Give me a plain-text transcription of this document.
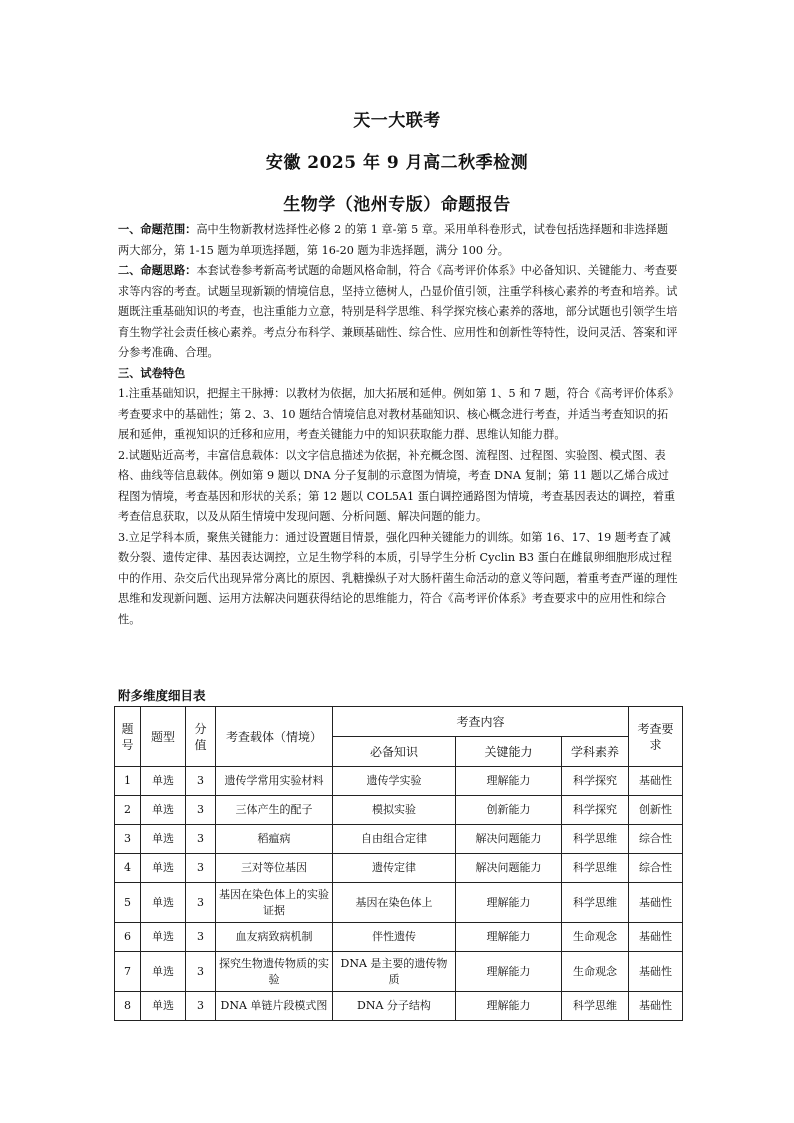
天一大联考
安徽 2025 年 9 月高二秋季检测
生物学（池州专版）命题报告

一、命题范围：高中生物新教材选择性必修 2 的第 1 章-第 5 章。采用单科卷形式，试卷包括选择题和非选择题两大部分，第 1-15 题为单项选择题，第 16-20 题为非选择题，满分 100 分。

二、命题思路：本套试卷参考新高考试题的命题风格命制，符合《高考评价体系》中必备知识、关键能力、考查要求等内容的考查。试题呈现新颖的情境信息，坚持立德树人，凸显价值引领，注重学科核心素养的考查和培养。试题既注重基础知识的考查，也注重能力立意，特别是科学思维、科学探究核心素养的落地，部分试题也引领学生培育生物学社会责任核心素养。考点分布科学、兼顾基础性、综合性、应用性和创新性等特性，设问灵活、答案和评分参考准确、合理。

三、试卷特色

1.注重基础知识，把握主干脉搏：以教材为依据，加大拓展和延伸。例如第 1、5 和 7 题，符合《高考评价体系》考查要求中的基础性；第 2、3、10 题结合情境信息对教材基础知识、核心概念进行考查，并适当考查知识的拓展和延伸，重视知识的迁移和应用，考查关键能力中的知识获取能力群、思维认知能力群。

2.试题贴近高考，丰富信息载体：以文字信息描述为依据，补充概念图、流程图、过程图、实验图、模式图、表格、曲线等信息载体。例如第 9 题以 DNA 分子复制的示意图为情境，考查 DNA 复制；第 11 题以乙烯合成过程图为情境，考查基因和形状的关系；第 12 题以 COL5A1 蛋白调控通路图为情境，考查基因表达的调控，着重考查信息获取，以及从陌生情境中发现问题、分析问题、解决问题的能力。

3.立足学科本质，聚焦关键能力：通过设置题目情景，强化四种关键能力的训练。如第 16、17、19 题考查了减数分裂、遗传定律、基因表达调控，立足生物学科的本质，引导学生分析 Cyclin B3 蛋白在雌鼠卵细胞形成过程中的作用、杂交后代出现异常分离比的原因、乳糖操纵子对大肠杆菌生命活动的意义等问题，着重考查严谨的理性思维和发现新问题、运用方法解决问题获得结论的思维能力，符合《高考评价体系》考查要求中的应用性和综合性。

附多维度细目表
题号	题型	分值	考查载体（情境）	考查内容			考查要求
				必备知识	关键能力	学科素养	
1	单选	3	遗传学常用实验材料	遗传学实验	理解能力	科学探究	基础性
2	单选	3	三体产生的配子	模拟实验	创新能力	科学探究	创新性
3	单选	3	稻瘟病	自由组合定律	解决问题能力	科学思维	综合性
4	单选	3	三对等位基因	遗传定律	解决问题能力	科学思维	综合性
5	单选	3	基因在染色体上的实验证据	基因在染色体上	理解能力	科学思维	基础性
6	单选	3	血友病致病机制	伴性遗传	理解能力	生命观念	基础性
7	单选	3	探究生物遗传物质的实验	DNA 是主要的遗传物质	理解能力	生命观念	基础性
8	单选	3	DNA 单链片段模式图	DNA 分子结构	理解能力	科学思维	基础性
